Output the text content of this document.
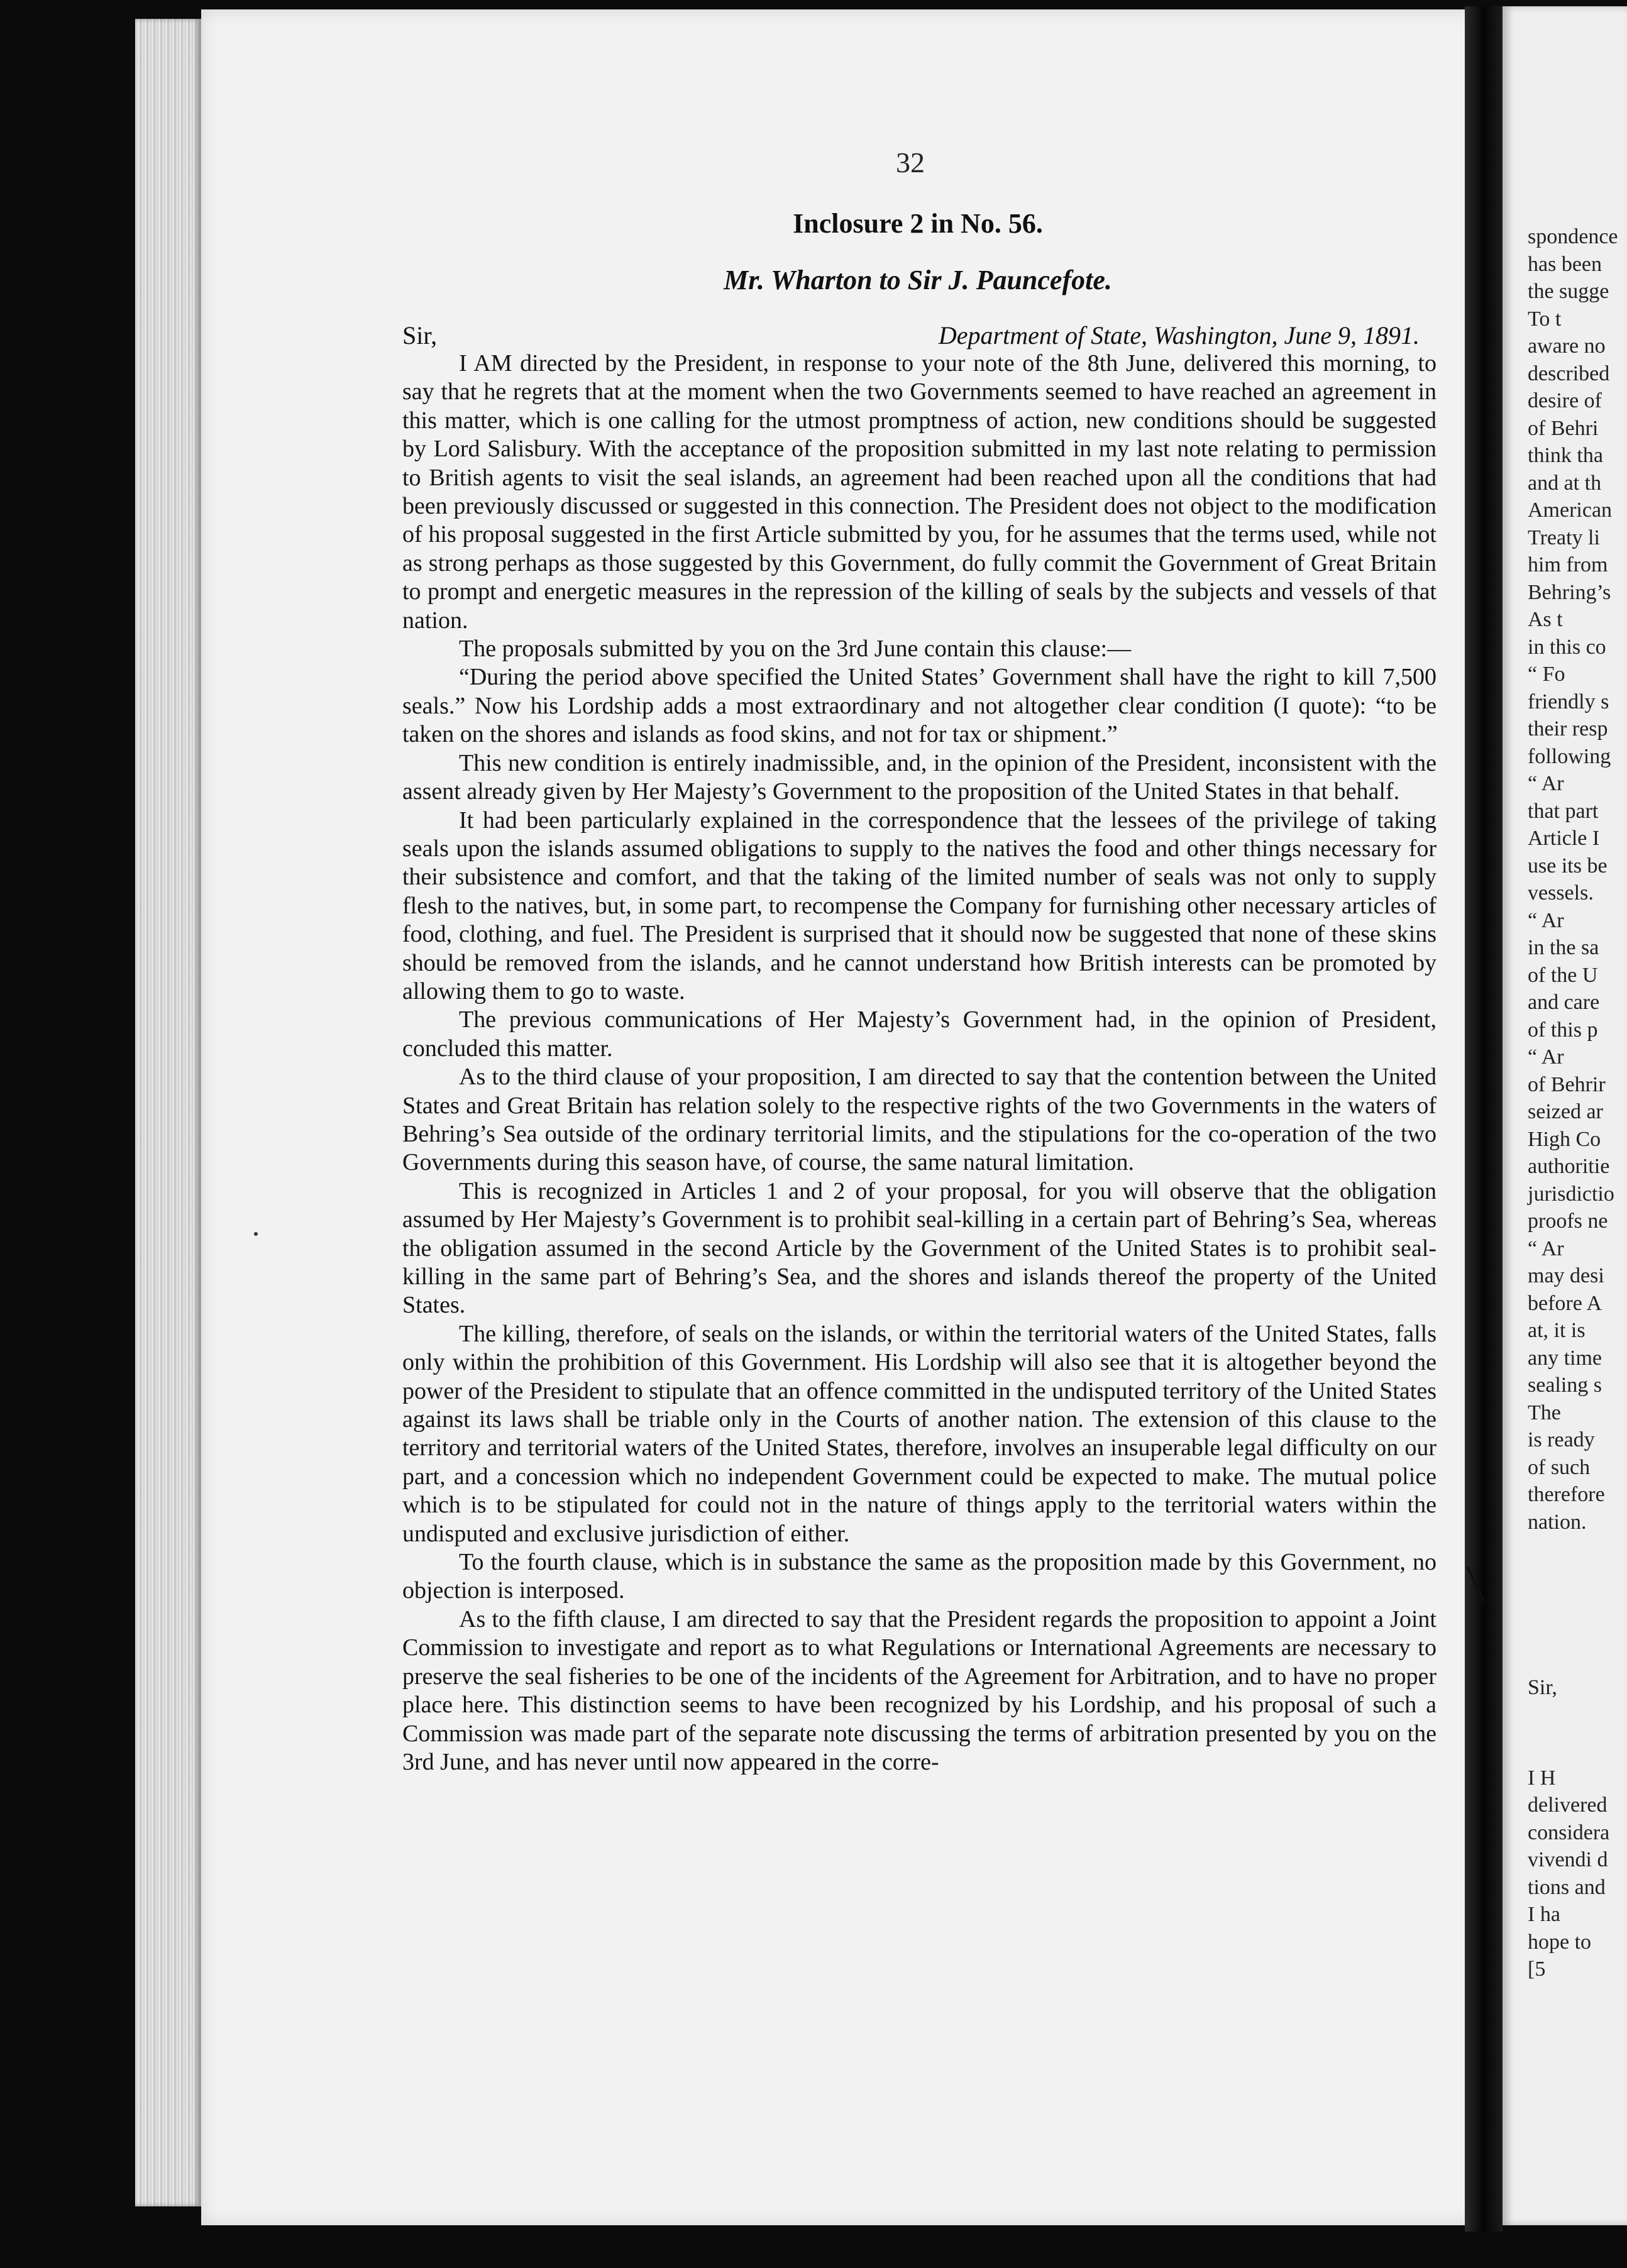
32
Inclosure 2 in No. 56.
Mr. Wharton to Sir J. Pauncefote.
Sir,	Department of State, Washington, June 9, 1891.

I AM directed by the President, in response to your note of the 8th June, delivered this morning, to say that he regrets that at the moment when the two Governments seemed to have reached an agreement in this matter, which is one calling for the utmost promptness of action, new conditions should be suggested by Lord Salisbury. With the acceptance of the proposition submitted in my last note relating to permission to British agents to visit the seal islands, an agreement had been reached upon all the conditions that had been previously discussed or suggested in this connection. The President does not object to the modification of his proposal suggested in the first Article submitted by you, for he assumes that the terms used, while not as strong perhaps as those suggested by this Government, do fully commit the Government of Great Britain to prompt and energetic measures in the repression of the killing of seals by the subjects and vessels of that nation.

The proposals submitted by you on the 3rd June contain this clause:—

“During the period above specified the United States’ Government shall have the right to kill 7,500 seals.” Now his Lordship adds a most extraordinary and not altogether clear condition (I quote): “to be taken on the shores and islands as food skins, and not for tax or shipment.”

This new condition is entirely inadmissible, and, in the opinion of the President, inconsistent with the assent already given by Her Majesty’s Government to the proposition of the United States in that behalf.

It had been particularly explained in the correspondence that the lessees of the privilege of taking seals upon the islands assumed obligations to supply to the natives the food and other things necessary for their subsistence and comfort, and that the taking of the limited number of seals was not only to supply flesh to the natives, but, in some part, to recompense the Company for furnishing other necessary articles of food, clothing, and fuel. The President is surprised that it should now be suggested that none of these skins should be removed from the islands, and he cannot understand how British interests can be promoted by allowing them to go to waste.

The previous communications of Her Majesty’s Government had, in the opinion of President, concluded this matter.

As to the third clause of your proposition, I am directed to say that the contention between the United States and Great Britain has relation solely to the respective rights of the two Governments in the waters of Behring’s Sea outside of the ordinary territorial limits, and the stipulations for the co-operation of the two Governments during this season have, of course, the same natural limitation.

This is recognized in Articles 1 and 2 of your proposal, for you will observe that the obligation assumed by Her Majesty’s Government is to prohibit seal-killing in a certain part of Behring’s Sea, whereas the obligation assumed in the second Article by the Government of the United States is to prohibit seal-killing in the same part of Behring’s Sea, and the shores and islands thereof the property of the United States.

The killing, therefore, of seals on the islands, or within the territorial waters of the United States, falls only within the prohibition of this Government. His Lordship will also see that it is altogether beyond the power of the President to stipulate that an offence committed in the undisputed territory of the United States against its laws shall be triable only in the Courts of another nation. The extension of this clause to the territory and territorial waters of the United States, therefore, involves an insuperable legal difficulty on our part, and a concession which no independent Government could be expected to make. The mutual police which is to be stipulated for could not in the nature of things apply to the territorial waters within the undisputed and exclusive jurisdiction of either.

To the fourth clause, which is in substance the same as the proposition made by this Government, no objection is interposed.

As to the fifth clause, I am directed to say that the President regards the proposition to appoint a Joint Commission to investigate and report as to what Regulations or International Agreements are necessary to preserve the seal fisheries to be one of the incidents of the Agreement for Arbitration, and to have no proper place here. This distinction seems to have been recognized by his Lordship, and his proposal of such a Commission was made part of the separate note discussing the terms of arbitration presented by you on the 3rd June, and has never until now appeared in the corre-

spondence
has been
the sugge
To t
aware no
described
desire of
of Behri
think tha
and at th
American
Treaty li
him from
Behring’s
As t
in this co
“ Fo
friendly s
their resp
following
“ Ar
that part
Article I
use its be
vessels.
“ Ar
in the sa
of the U
and care
of this p
“ Ar
of Behrir
seized ar
High Co
authoritie
jurisdictio
proofs ne
“ Ar
may desi
before A
at, it is
any time
sealing s
The
is ready
of such
therefore
nation.
Sir,
I H
delivered
considera
vivendi d
tions and
I ha
hope to
[5
